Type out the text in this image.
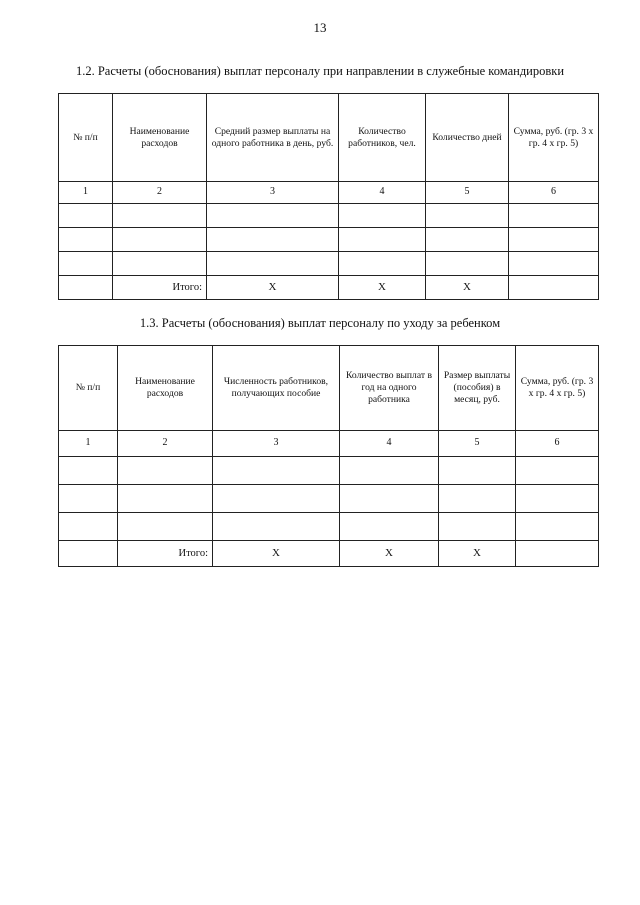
13
1.2. Расчеты (обоснования) выплат персоналу при направлении в служебные командировки
№ п/п	Наименование расходов	Средний размер выплаты на одного работника в день, руб.	Количество работников, чел.	Количество дней	Сумма, руб. (гр. 3 х гр. 4 х гр. 5)
1	2	3	4	5	6

	Итого:	Х	Х	Х	
1.3. Расчеты (обоснования) выплат персоналу по уходу за ребенком
№ п/п	Наименование расходов	Численность работников, получающих пособие	Количество выплат в год на одного работника	Размер выплаты (пособия) в месяц, руб.	Сумма, руб. (гр. 3 х гр. 4 х гр. 5)
1	2	3	4	5	6

	Итого:	Х	Х	Х	
